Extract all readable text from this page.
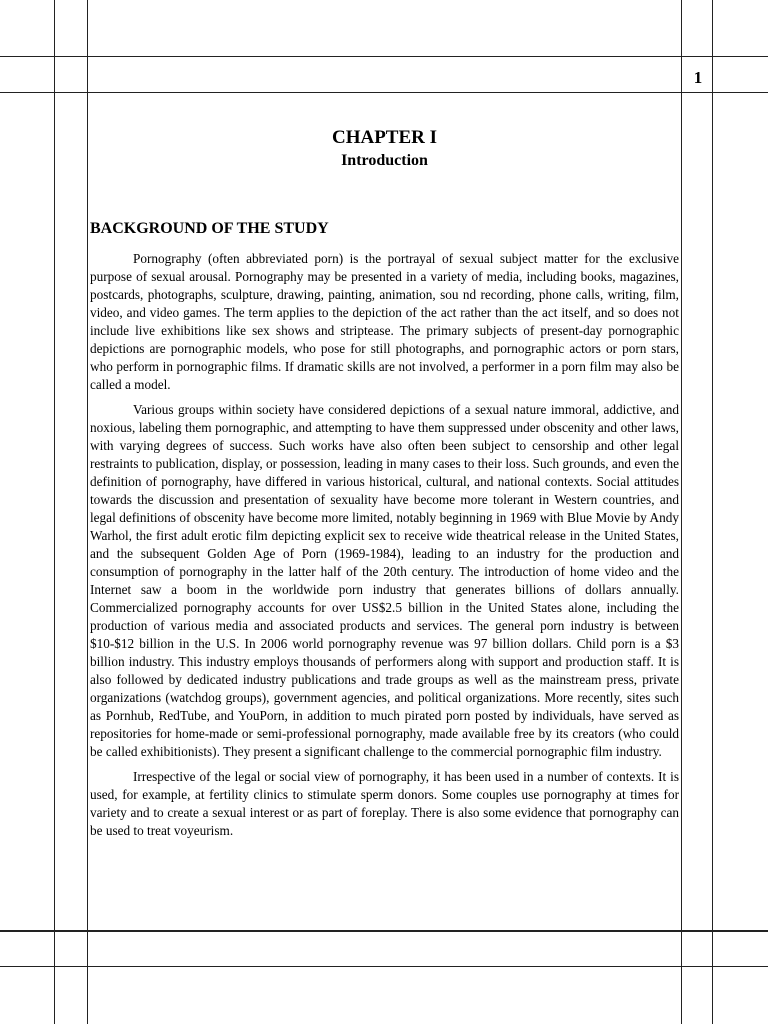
1
CHAPTER I
Introduction
BACKGROUND OF THE STUDY

Pornography (often abbreviated porn) is the portrayal of sexual subject matter for the exclusive purpose of sexual arousal. Pornography may be presented in a variety of media, including books, magazines, postcards, photographs, sculpture, drawing, painting, animation, sou nd recording, phone calls, writing, film, video, and video games. The term applies to the depiction of the act rather than the act itself, and so does not include live exhibitions like sex shows and striptease. The primary subjects of present-day pornographic depictions are pornographic models, who pose for still photographs, and pornographic actors or porn stars, who perform in pornographic films. If dramatic skills are not involved, a performer in a porn film may also be called a model.

Various groups within society have considered depictions of a sexual nature immoral, addictive, and noxious, labeling them pornographic, and attempting to have them suppressed under obscenity and other laws, with varying degrees of success. Such works have also often been subject to censorship and other legal restraints to publication, display, or possession, leading in many cases to their loss. Such grounds, and even the definition of pornography, have differed in various historical, cultural, and national contexts. Social attitudes towards the discussion and presentation of sexuality have become more tolerant in Western countries, and legal definitions of obscenity have become more limited, notably beginning in 1969 with Blue Movie by Andy Warhol, the first adult erotic film depicting explicit sex to receive wide theatrical release in the United States, and the subsequent Golden Age of Porn (1969-1984), leading to an industry for the production and consumption of pornography in the latter half of the 20th century. The introduction of home video and the Internet saw a boom in the worldwide porn industry that generates billions of dollars annually. Commercialized pornography accounts for over US$2.5 billion in the United States alone, including the production of various media and associated products and services. The general porn industry is between $10-$12 billion in the U.S. In 2006 world pornography revenue was 97 billion dollars. Child porn is a $3 billion industry. This industry employs thousands of performers along with support and production staff. It is also followed by dedicated industry publications and trade groups as well as the mainstream press, private organizations (watchdog groups), government agencies, and political organizations. More recently, sites such as Pornhub, RedTube, and YouPorn, in addition to much pirated porn posted by individuals, have served as repositories for home-made or semi-professional pornography, made available free by its creators (who could be called exhibitionists). They present a significant challenge to the commercial pornographic film industry.

Irrespective of the legal or social view of pornography, it has been used in a number of contexts. It is used, for example, at fertility clinics to stimulate sperm donors. Some couples use pornography at times for variety and to create a sexual interest or as part of foreplay. There is also some evidence that pornography can be used to treat voyeurism.
